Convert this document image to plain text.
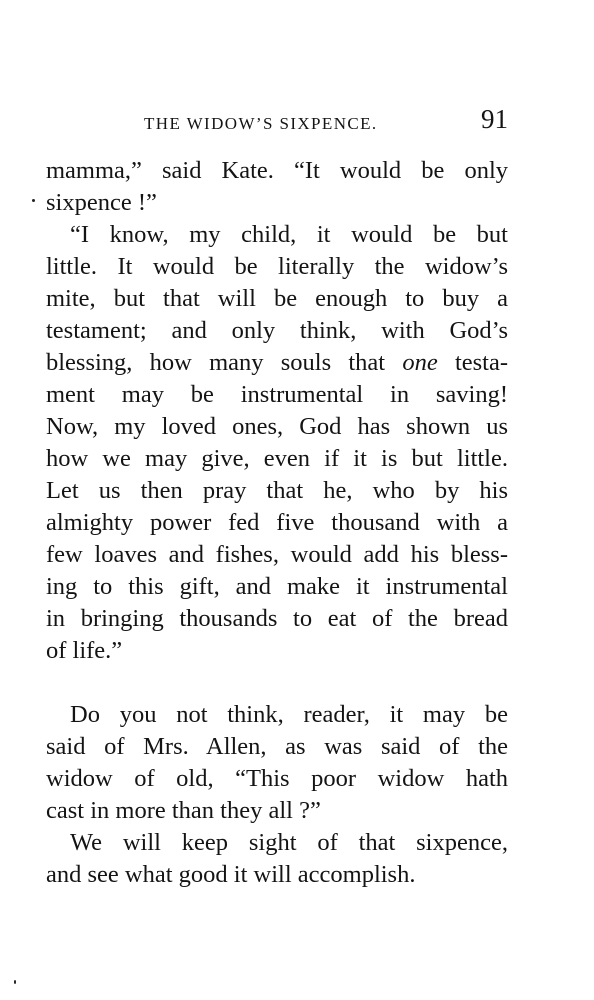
THE WIDOW’S SIXPENCE.	91
mamma,” said Kate. “It would be only
sixpence !”
“I know, my child, it would be but
little. It would be literally the widow’s
mite, but that will be enough to buy a
testament; and only think, with God’s
blessing, how many souls that one testa-
ment may be instrumental in saving!
Now, my loved ones, God has shown us
how we may give, even if it is but little.
Let us then pray that he, who by his
almighty power fed five thousand with a
few loaves and fishes, would add his bless-
ing to this gift, and make it instrumental
in bringing thousands to eat of the bread
of life.”
Do you not think, reader, it may be
said of Mrs. Allen, as was said of the
widow of old, “This poor widow hath
cast in more than they all ?”
We will keep sight of that sixpence,
and see what good it will accomplish.
